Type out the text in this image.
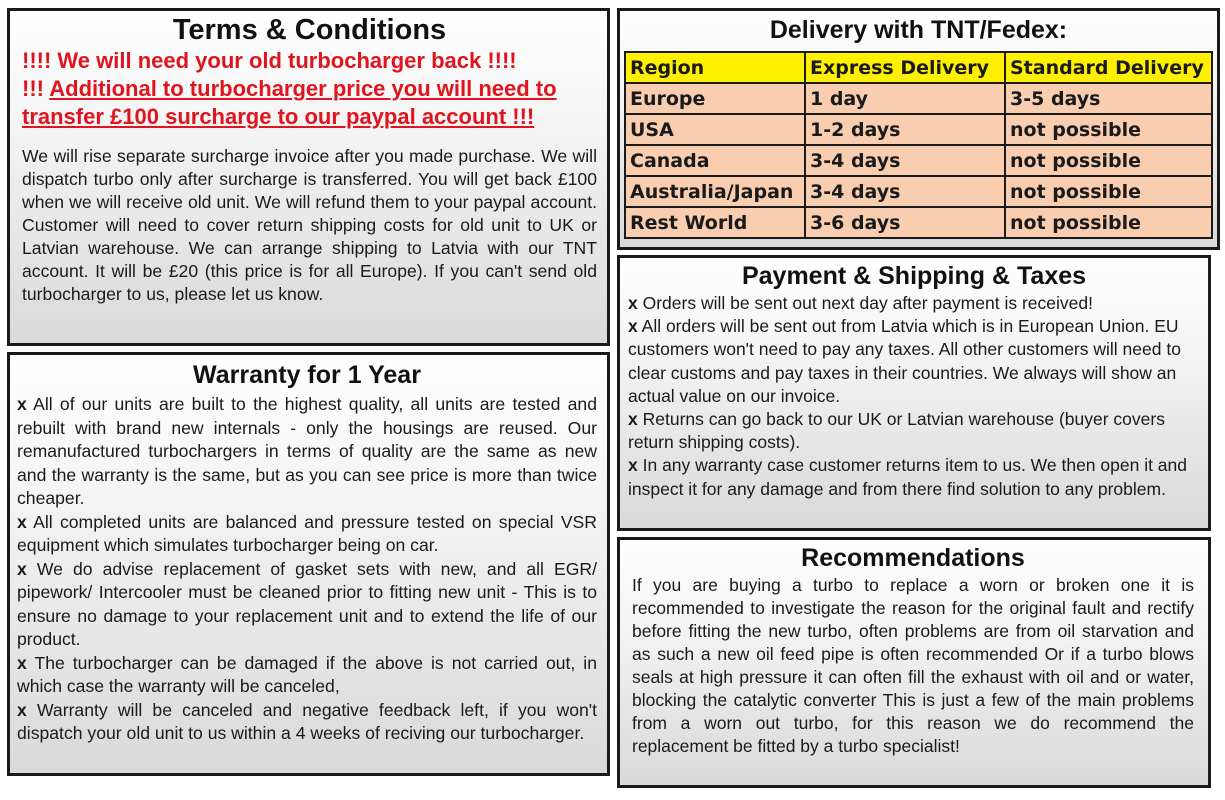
Terms & Conditions
!!!! We will need your old turbocharger back !!!!
!!! Additional to turbocharger price you will need to transfer £100 surcharge to our paypal account !!!
We will rise separate surcharge invoice after you made purchase. We will dispatch turbo only after surcharge is transferred. You will get back £100 when we will receive old unit. We will refund them to your paypal account. Customer will need to cover return shipping costs for old unit to UK or Latvian warehouse. We can arrange shipping to Latvia with our TNT account. It will be £20 (this price is for all Europe). If you can't send old turbocharger to us, please let us know.
Warranty for 1 Year
x All of our units are built to the highest quality, all units are tested and rebuilt with brand new internals - only the housings are reused. Our remanufactured turbochargers in terms of quality are the same as new and the warranty is the same, but as you can see price is more than twice cheaper.
x All completed units are balanced and pressure tested on special VSR equipment which simulates turbocharger being on car.
x We do advise replacement of gasket sets with new, and all EGR/ pipework/ Intercooler must be cleaned prior to fitting new unit - This is to ensure no damage to your replacement unit and to extend the life of our product.
x The turbocharger can be damaged if the above is not carried out, in which case the warranty will be canceled,
x Warranty will be canceled and negative feedback left, if you won't dispatch your old unit to us within a 4 weeks of reciving our turbocharger.
Delivery with TNT/Fedex:
Region	Express Delivery	Standard Delivery
Europe	1 day	3-5 days
USA	1-2 days	not possible
Canada	3-4 days	not possible
Australia/Japan	3-4 days	not possible
Rest World	3-6 days	not possible
Payment & Shipping & Taxes
x Orders will be sent out next day after payment is received!
x All orders will be sent out from Latvia which is in European Union. EU customers won't need to pay any taxes. All other customers will need to clear customs and pay taxes in their countries. We always will show an actual value on our invoice.
x Returns can go back to our UK or Latvian warehouse (buyer covers return shipping costs).
x In any warranty case customer returns item to us. We then open it and inspect it for any damage and from there find solution to any problem.
Recommendations
If you are buying a turbo to replace a worn or broken one it is recommended to investigate the reason for the original fault and rectify before fitting the new turbo, often problems are from oil starvation and as such a new oil feed pipe is often recommended Or if a turbo blows seals at high pressure it can often fill the exhaust with oil and or water, blocking the catalytic converter This is just a few of the main problems from a worn out turbo, for this reason we do recommend the replacement be fitted by a turbo specialist!
